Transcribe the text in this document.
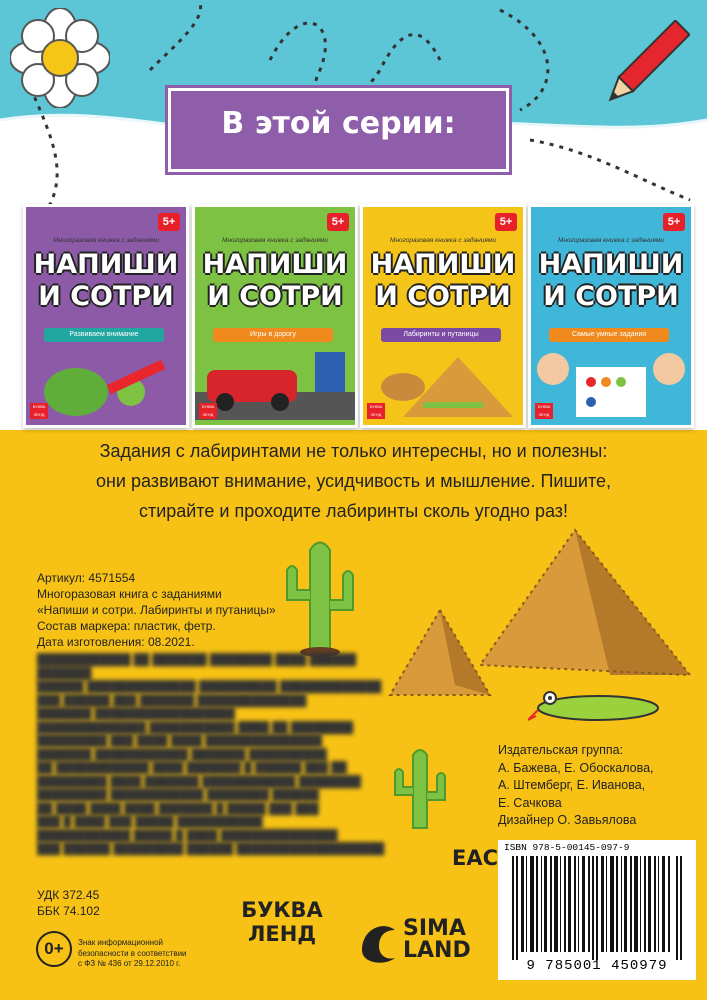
В этой серии:
5+
Многоразовая книжка с заданиями
НАПИШИ
И СОТРИ
Развиваем внимание
БУКВА ЛЕНД
5+
Многоразовая книжка с заданиями
НАПИШИ
И СОТРИ
Игры в дорогу
БУКВА ЛЕНД
5+
Многоразовая книжка с заданиями
НАПИШИ
И СОТРИ
Лабиринты и путаницы
БУКВА ЛЕНД
5+
Многоразовая книжка с заданиями
НАПИШИ
И СОТРИ
Самые умные задания
БУКВА ЛЕНД
Задания с лабиринтами не только интересны, но и полезны:
они развивают внимание, усидчивость и мышление. Пишите,
стирайте и проходите лабиринты сколь угодно раз!
Артикул: 4571554
Многоразовая книга с заданиями
«Напиши и сотри. Лабиринты и путаницы»
Состав маркера: пластик, фетр.
Дата изготовления: 08.2021.
████████████ ██ ███████ ████████ ████ ██████ ███████
██████ ██████████████ ██████████ █████████████
███ ██████ ███ ███████ ██████████████
███████ ██████████████████
██████████████ ███████████ ████ ██ ████████
█████████ ███ ████ ████ ███████████████
███████ ████████████ ███████ ██████████
██ ████████████ ████ ███████ █ ██████ ███ ██
█████████ ████ ███████ ████████████ ████████
█████████ ████████████ ████████ ██████
██ ████ ████ ████ ███████ █ █████ ███ ███
███ █ ████ ███ █████ ███████████
████████████ █████ █ ████ ███████████████
███ ██████ █████████ ██████ ███████████████████
УДК 372.45
ББК 74.102
0+	Знак информационной
безопасности в соответствии
с ФЗ № 436 от 29.12.2010 г.
БУКВА
ЛЕНД	SIMA
LAND
Издательская группа:
А. Бажева, Е. Обоскалова,
А. Штемберг, Е. Иванова,
Е. Сачкова
Дизайнер О. Завьялова
ЕАС ISBN 978-5-00145-097-9
9 785001 450979
